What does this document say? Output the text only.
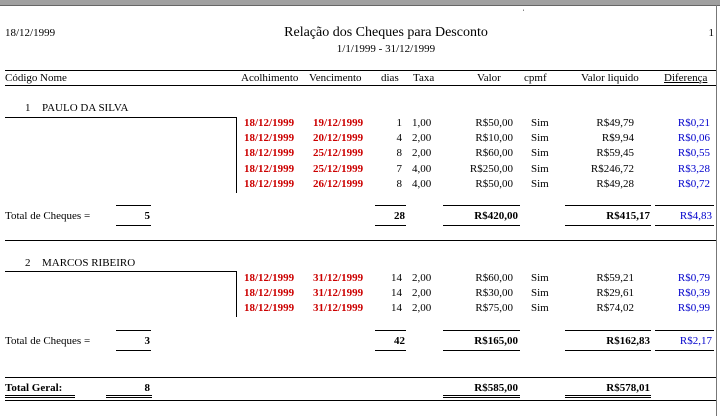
ˈ
18/12/1999	Relação dos Cheques para Desconto
1/1/1999 - 31/12/1999
1
Código Nome	Acolhimento Vencimento dias Taxa	Valor cpmf	Valor liquido Diferença
1 PAULO DA SILVA
18/12/1999	19/12/1999	1 1,00	R$50,00 Sim	R$49,79	R$0,21
18/12/1999	20/12/1999	4 2,00	R$10,00 Sim	R$9,94	R$0,06
18/12/1999	25/12/1999	8 2,00	R$60,00 Sim	R$59,45	R$0,55
18/12/1999	25/12/1999	7 4,00	R$250,00 Sim	R$246,72	R$3,28
18/12/1999	26/12/1999	8 4,00	R$50,00 Sim	R$49,28	R$0,72
Total de Cheques =	5	28	R$420,00	R$415,17	R$4,83
2 MARCOS RIBEIRO
18/12/1999	31/12/1999	14 2,00	R$60,00 Sim	R$59,21	R$0,79
18/12/1999	31/12/1999	14 2,00	R$30,00 Sim	R$29,61	R$0,39
18/12/1999	31/12/1999	14 2,00	R$75,00 Sim	R$74,02	R$0,99
Total de Cheques =	3	42	R$165,00	R$162,83	R$2,17
Total Geral:	8	R$585,00	R$578,01
